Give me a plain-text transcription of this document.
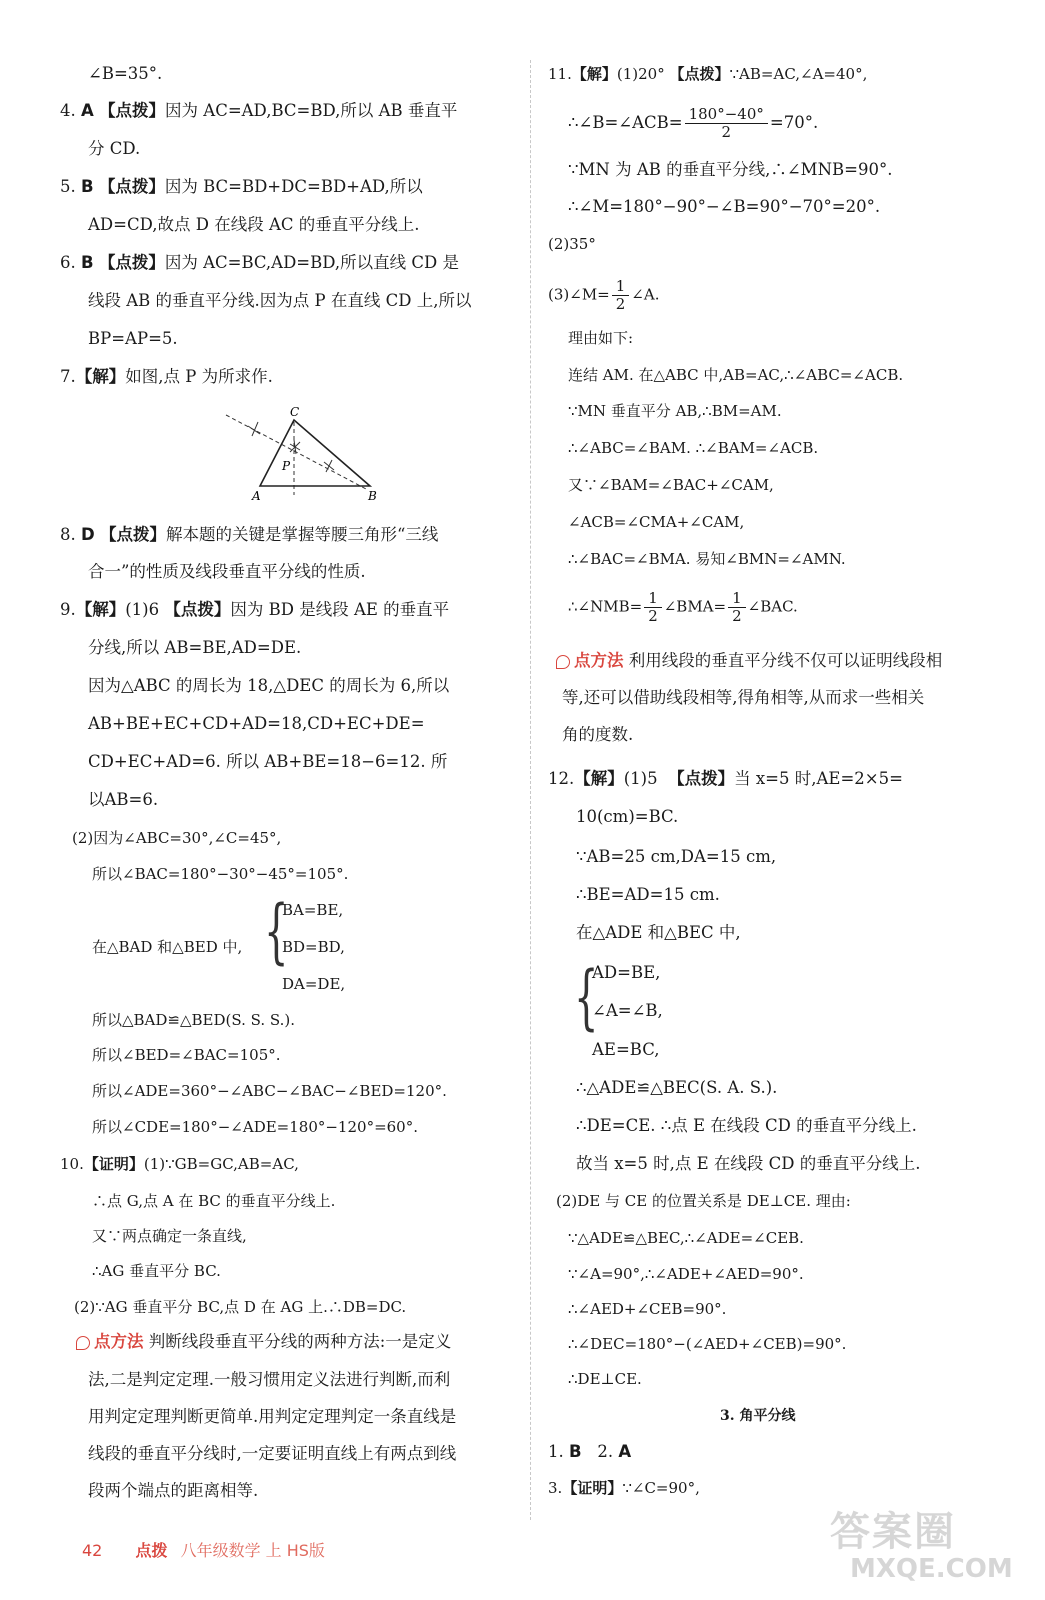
∠B=35°.
4. A 【点拨】因为 AC=AD,BC=BD,所以 AB 垂直平
分 CD.
5. B 【点拨】因为 BC=BD+DC=BD+AD,所以
AD=CD,故点 D 在线段 AC 的垂直平分线上.
6. B 【点拨】因为 AC=BC,AD=BD,所以直线 CD 是
线段 AB 的垂直平分线.因为点 P 在直线 CD 上,所以
BP=AP=5.
7.【解】如图,点 P 为所求作.
C
P
A	B
8. D 【点拨】解本题的关键是掌握等腰三角形“三线
合一”的性质及线段垂直平分线的性质.
9.【解】(1)6 【点拨】因为 BD 是线段 AE 的垂直平
分线,所以 AB=BE,AD=DE.
因为△ABC 的周长为 18,△DEC 的周长为 6,所以
AB+BE+EC+CD+AD=18,CD+EC+DE=
CD+EC+AD=6. 所以 AB+BE=18−6=12. 所
以AB=6.
(2)因为∠ABC=30°,∠C=45°,
所以∠BAC=180°−30°−45°=105°.
在△BAD 和△BED 中, {
BA=BE,
BD=BD,
DA=DE,
所以△BAD≌△BED(S. S. S.).
所以∠BED=∠BAC=105°.
所以∠ADE=360°−∠ABC−∠BAC−∠BED=120°.
所以∠CDE=180°−∠ADE=180°−120°=60°.
10.【证明】(1)∵GB=GC,AB=AC,
∴点 G,点 A 在 BC 的垂直平分线上.
又∵两点确定一条直线,
∴AG 垂直平分 BC.
(2)∵AG 垂直平分 BC,点 D 在 AG 上.∴DB=DC.
点方法 判断线段垂直平分线的两种方法:一是定义
法,二是判定定理.一般习惯用定义法进行判断,而利
用判定定理判断更简单.用判定定理判定一条直线是
线段的垂直平分线时,一定要证明直线上有两点到线
段两个端点的距离相等.
11.【解】(1)20° 【点拨】∵AB=AC,∠A=40°,
∴∠B=∠ACB= $\frac{180^\circ-40^\circ}{2} =70^\circ$.
∵MN 为 AB 的垂直平分线,∴∠MNB=90°.
∴∠M=180°−90°−∠B=90°−70°=20°.
(2)35°
(3)∠M= $\frac{1}{2}$ ∠A.
理由如下:
连结 AM. 在△ABC 中,AB=AC,∴∠ABC=∠ACB.
∵MN 垂直平分 AB,∴BM=AM.
∴∠ABC=∠BAM. ∴∠BAM=∠ACB.
又∵∠BAM=∠BAC+∠CAM,
∠ACB=∠CMA+∠CAM,
∴∠BAC=∠BMA. 易知∠BMN=∠AMN.
∴∠NMB= $\frac{1}{2}$ ∠BMA= $\frac{1}{2}$ ∠BAC.
点方法 利用线段的垂直平分线不仅可以证明线段相
等,还可以借助线段相等,得角相等,从而求一些相关
角的度数.
12.【解】(1)5 【点拨】当 x=5 时,AE=2×5=
10(cm)=BC.
∵AB=25 cm,DA=15 cm,
∴BE=AD=15 cm.
在△ADE 和△BEC 中,
{
AD=BE,
∠A=∠B,
AE=BC,
∴△ADE≌△BEC(S. A. S.).
∴DE=CE. ∴点 E 在线段 CD 的垂直平分线上.
故当 x=5 时,点 E 在线段 CD 的垂直平分线上.
(2)DE 与 CE 的位置关系是 DE⊥CE. 理由:
∵△ADE≌△BEC,∴∠ADE=∠CEB.
∵∠A=90°,∴∠ADE+∠AED=90°.
∴∠AED+∠CEB=90°.
∴∠DEC=180°−(∠AED+∠CEB)=90°.
∴DE⊥CE.
3. 角平分线
1. B 2. A
3.【证明】∵∠C=90°,
42 点拨 八年级数学 上 HS版	答案圈
MXQE.COM
